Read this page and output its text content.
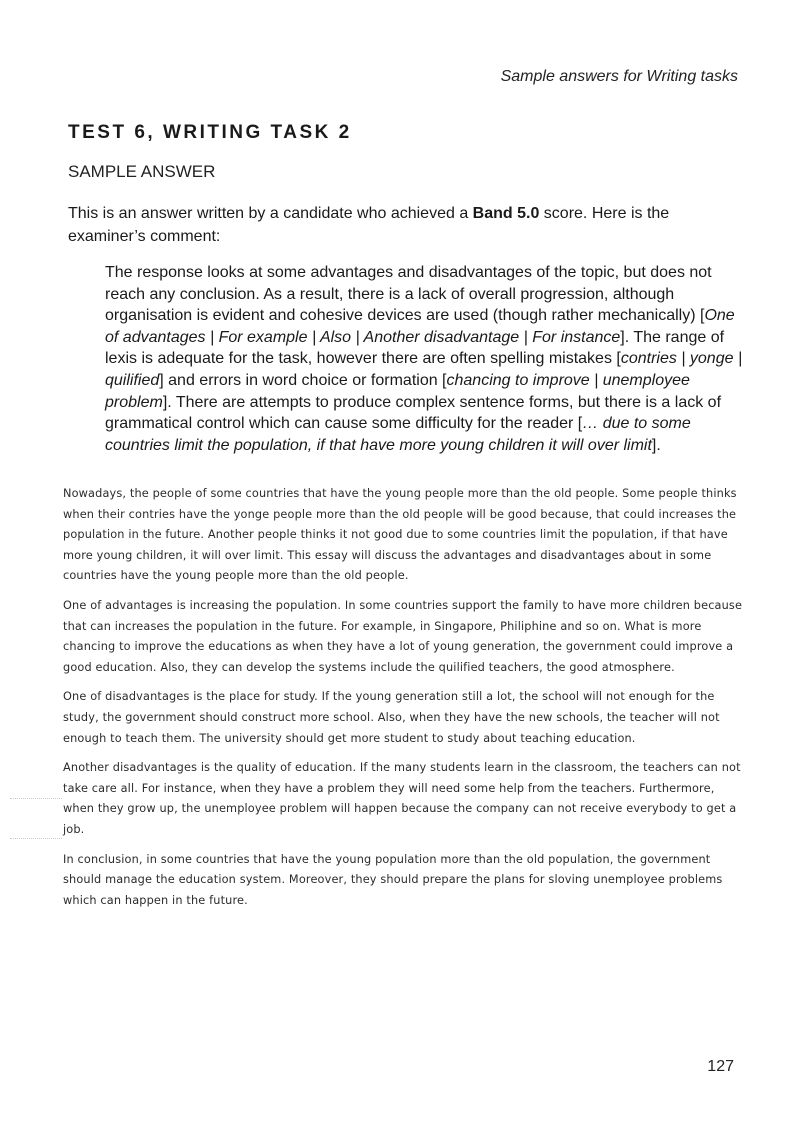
Sample answers for Writing tasks
TEST 6, WRITING TASK 2
SAMPLE ANSWER
This is an answer written by a candidate who achieved a Band 5.0 score. Here is the examiner’s comment:
The response looks at some advantages and disadvantages of the topic, but does not reach any conclusion. As a result, there is a lack of overall progression, although organisation is evident and cohesive devices are used (though rather mechanically) [One of advantages | For example | Also | Another disadvantage | For instance]. The range of lexis is adequate for the task, however there are often spelling mistakes [contries | yonge | quilified] and errors in word choice or formation [chancing to improve | unemployee problem]. There are attempts to produce complex sentence forms, but there is a lack of grammatical control which can cause some difficulty for the reader [… due to some countries limit the population, if that have more young children it will over limit].

Nowadays, the people of some countries that have the young people more than the old people. Some people thinks when their contries have the yonge people more than the old people will be good because, that could increases the population in the future. Another people thinks it not good due to some countries limit the population, if that have more young children, it will over limit. This essay will discuss the advantages and disadvantages about in some countries have the young people more than the old people.

One of advantages is increasing the population. In some countries support the family to have more children because that can increases the population in the future. For example, in Singapore, Philiphine and so on. What is more chancing to improve the educations as when they have a lot of young generation, the government could improve a good education. Also, they can develop the systems include the quilified teachers, the good atmosphere.

One of disadvantages is the place for study. If the young generation still a lot, the school will not enough for the study, the government should construct more school. Also, when they have the new schools, the teacher will not enough to teach them. The university should get more student to study about teaching education.

Another disadvantages is the quality of education. If the many students learn in the classroom, the teachers can not take care all. For instance, when they have a problem they will need some help from the teachers. Furthermore, when they grow up, the unemployee problem will happen because the company can not receive everybody to get a job.

In conclusion, in some countries that have the young population more than the old population, the government should manage the education system. Moreover, they should prepare the plans for sloving unemployee problems which can happen in the future.

127
